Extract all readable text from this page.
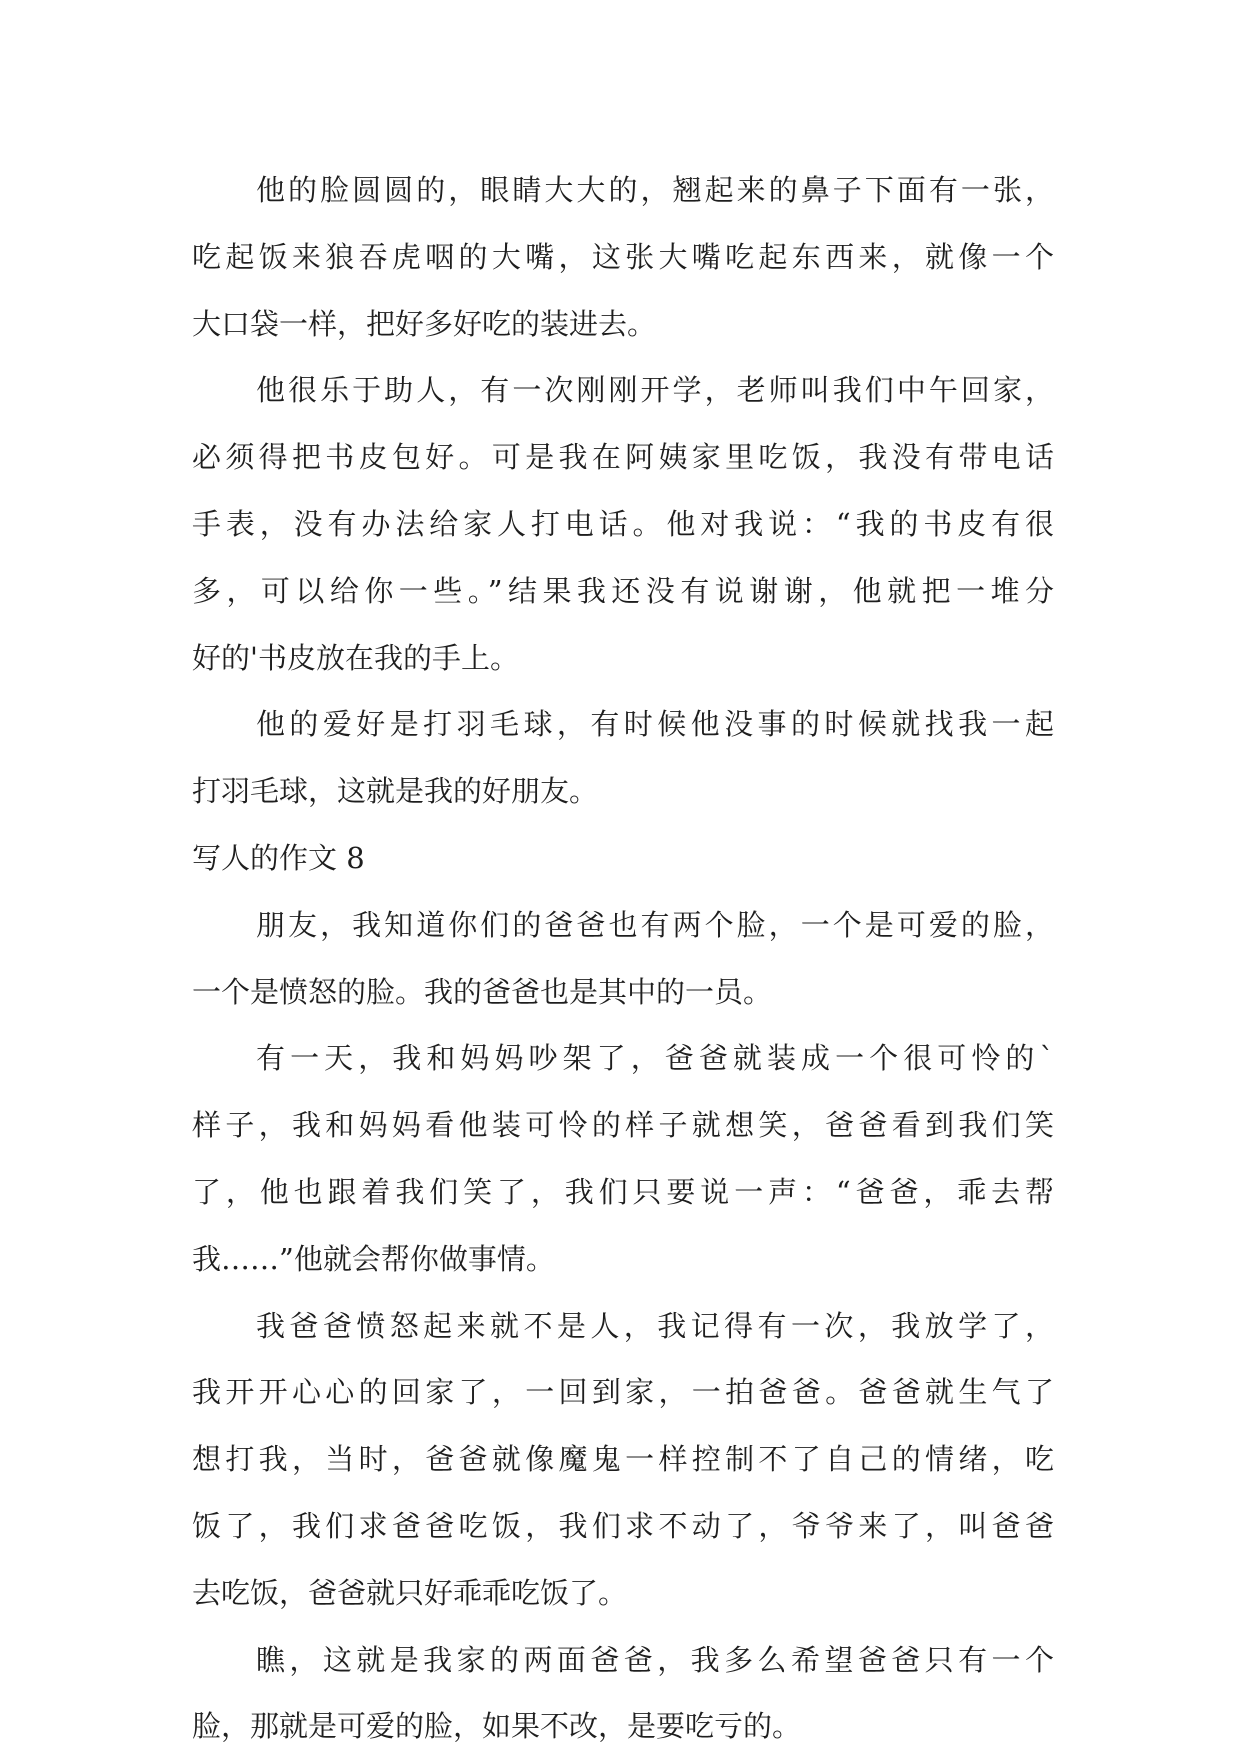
他的脸圆圆的，眼睛大大的，翘起来的鼻子下面有一张，
吃起饭来狼吞虎咽的大嘴，这张大嘴吃起东西来，就像一个
大口袋一样，把好多好吃的装进去。
他很乐于助人，有一次刚刚开学，老师叫我们中午回家，
必须得把书皮包好。可是我在阿姨家里吃饭，我没有带电话
手表，没有办法给家人打电话。他对我说：“我的书皮有很
多，可以给你一些。”结果我还没有说谢谢，他就把一堆分
好的'书皮放在我的手上。
他的爱好是打羽毛球，有时候他没事的时候就找我一起
打羽毛球，这就是我的好朋友。
写人的作文 8
朋友，我知道你们的爸爸也有两个脸，一个是可爱的脸，
一个是愤怒的脸。我的爸爸也是其中的一员。
有一天，我和妈妈吵架了，爸爸就装成一个很可怜的`
样子，我和妈妈看他装可怜的样子就想笑，爸爸看到我们笑
了，他也跟着我们笑了，我们只要说一声：“爸爸，乖去帮
我……”他就会帮你做事情。
我爸爸愤怒起来就不是人，我记得有一次，我放学了，
我开开心心的回家了，一回到家，一拍爸爸。爸爸就生气了
想打我，当时，爸爸就像魔鬼一样控制不了自己的情绪，吃
饭了，我们求爸爸吃饭，我们求不动了，爷爷来了，叫爸爸
去吃饭，爸爸就只好乖乖吃饭了。
瞧，这就是我家的两面爸爸，我多么希望爸爸只有一个
脸，那就是可爱的脸，如果不改，是要吃亏的。
